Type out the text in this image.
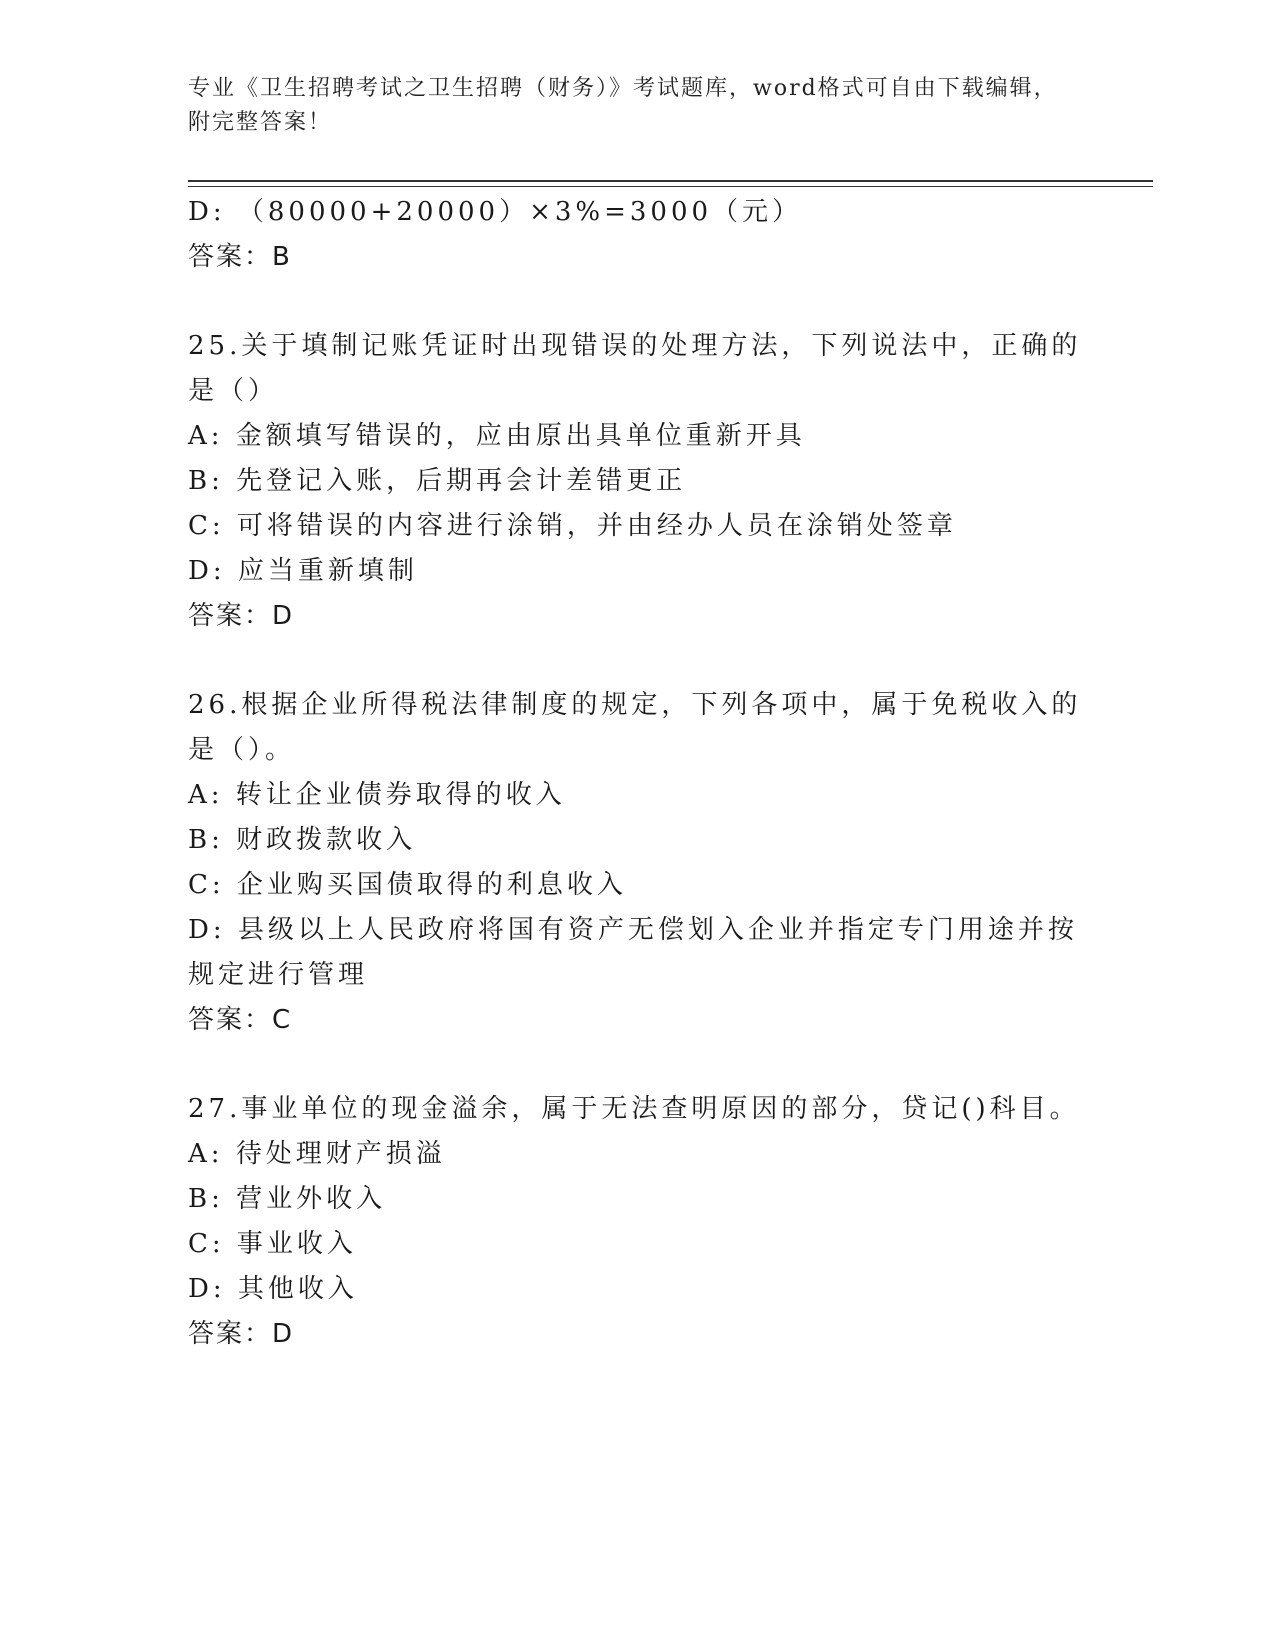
专业《卫生招聘考试之卫生招聘（财务）》考试题库，word格式可自由下载编辑，附完整答案！
D: （80000+20000）×3%=3000（元）
答案：B
25.关于填制记账凭证时出现错误的处理方法，下列说法中，正确的是（）
A: 金额填写错误的，应由原出具单位重新开具
B: 先登记入账，后期再会计差错更正
C: 可将错误的内容进行涂销，并由经办人员在涂销处签章
D: 应当重新填制
答案：D
26.根据企业所得税法律制度的规定，下列各项中，属于免税收入的是（）。
A: 转让企业债券取得的收入
B: 财政拨款收入
C: 企业购买国债取得的利息收入
D: 县级以上人民政府将国有资产无偿划入企业并指定专门用途并按规定进行管理
答案：C
27.事业单位的现金溢余，属于无法查明原因的部分，贷记()科目。
A: 待处理财产损溢
B: 营业外收入
C: 事业收入
D: 其他收入
答案：D
